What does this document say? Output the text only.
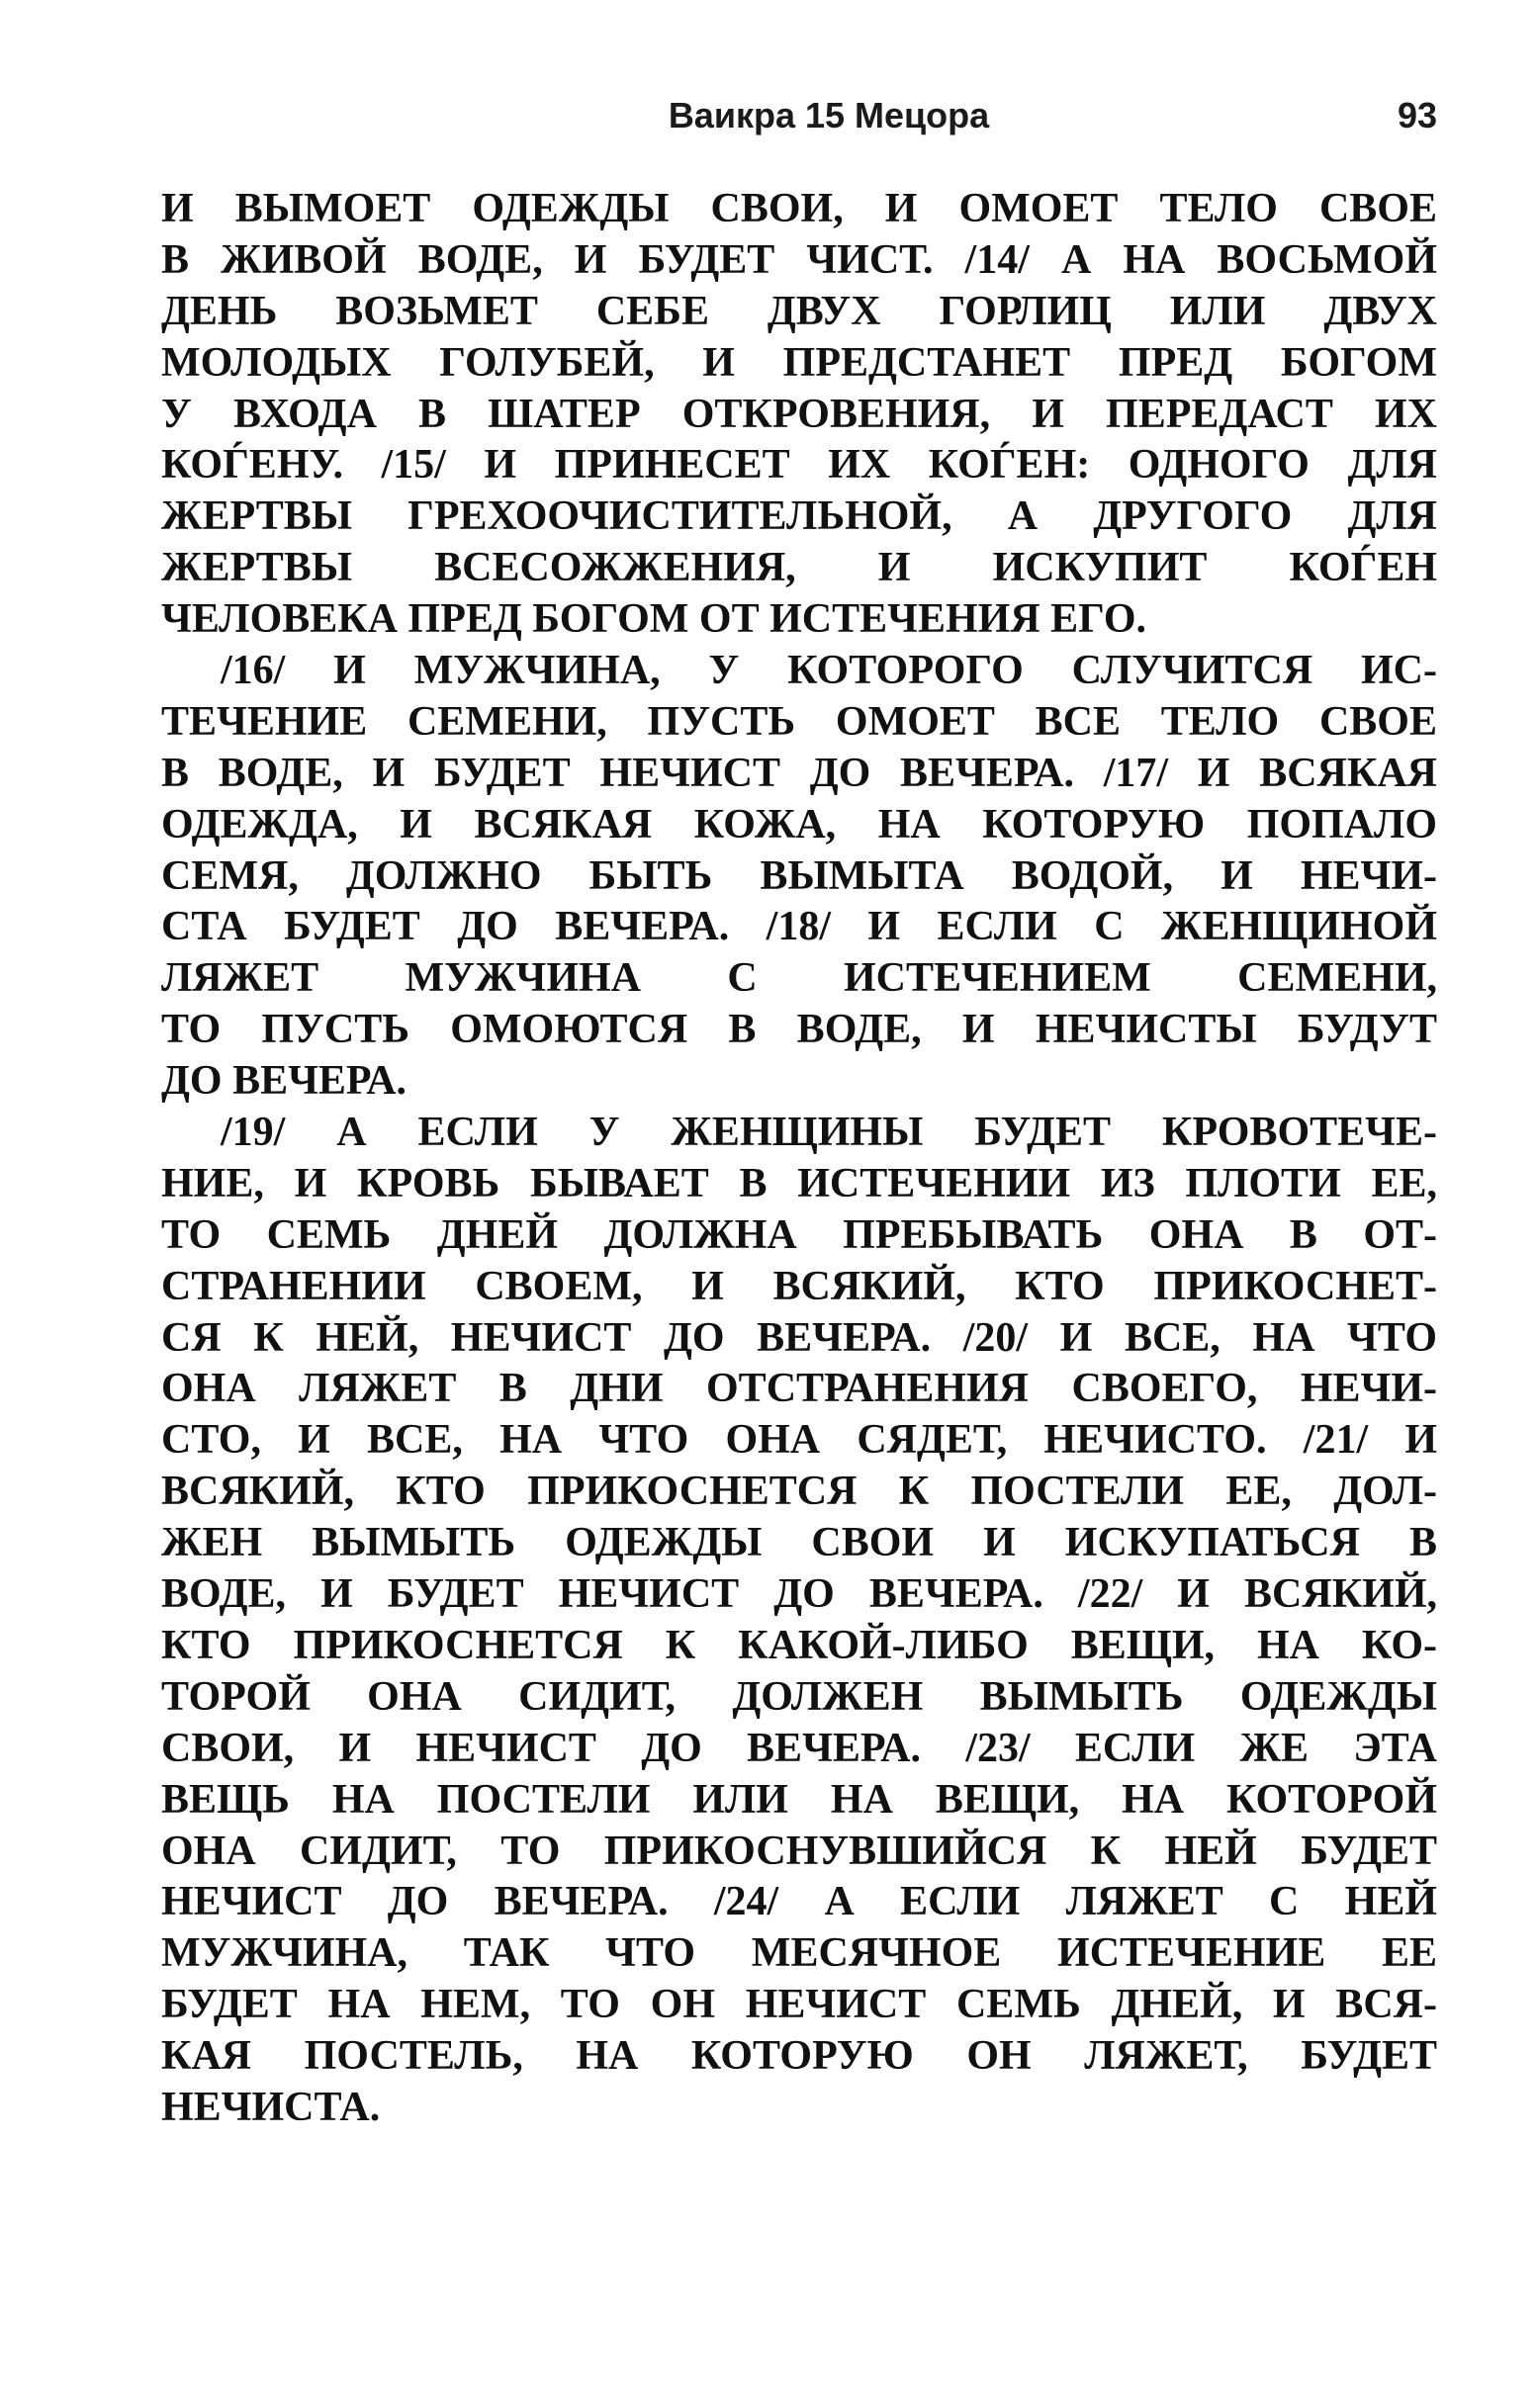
Ваикра 15 Мецора	93
И ВЫМОЕТ ОДЕЖДЫ СВОИ, И ОМОЕТ ТЕЛО СВОЕ
В ЖИВОЙ ВОДЕ, И БУДЕТ ЧИСТ. /14/ А НА ВОСЬМОЙ
ДЕНЬ ВОЗЬМЕТ СЕБЕ ДВУХ ГОРЛИЦ ИЛИ ДВУХ
МОЛОДЫХ ГОЛУБЕЙ, И ПРЕДСТАНЕТ ПРЕД БОГОМ
У ВХОДА В ШАТЕР ОТКРОВЕНИЯ, И ПЕРЕДАСТ ИХ
КОЃЕНУ. /15/ И ПРИНЕСЕТ ИХ КОЃЕН: ОДНОГО ДЛЯ
ЖЕРТВЫ ГРЕХООЧИСТИТЕЛЬНОЙ, А ДРУГОГО ДЛЯ
ЖЕРТВЫ ВСЕСОЖЖЕНИЯ, И ИСКУПИТ КОЃЕН
ЧЕЛОВЕКА ПРЕД БОГОМ ОТ ИСТЕЧЕНИЯ ЕГО.
/16/ И МУЖЧИНА, У КОТОРОГО СЛУЧИТСЯ ИС-
ТЕЧЕНИЕ СЕМЕНИ, ПУСТЬ ОМОЕТ ВСЕ ТЕЛО СВОЕ
В ВОДЕ, И БУДЕТ НЕЧИСТ ДО ВЕЧЕРА. /17/ И ВСЯКАЯ
ОДЕЖДА, И ВСЯКАЯ КОЖА, НА КОТОРУЮ ПОПАЛО
СЕМЯ, ДОЛЖНО БЫТЬ ВЫМЫТА ВОДОЙ, И НЕЧИ-
СТА БУДЕТ ДО ВЕЧЕРА. /18/ И ЕСЛИ С ЖЕНЩИНОЙ
ЛЯЖЕТ МУЖЧИНА С ИСТЕЧЕНИЕМ СЕМЕНИ,
ТО ПУСТЬ ОМОЮТСЯ В ВОДЕ, И НЕЧИСТЫ БУДУТ
ДО ВЕЧЕРА.
/19/ А ЕСЛИ У ЖЕНЩИНЫ БУДЕТ КРОВОТЕЧЕ-
НИЕ, И КРОВЬ БЫВАЕТ В ИСТЕЧЕНИИ ИЗ ПЛОТИ ЕЕ,
ТО СЕМЬ ДНЕЙ ДОЛЖНА ПРЕБЫВАТЬ ОНА В ОТ-
СТРАНЕНИИ СВОЕМ, И ВСЯКИЙ, КТО ПРИКОСНЕТ-
СЯ К НЕЙ, НЕЧИСТ ДО ВЕЧЕРА. /20/ И ВСЕ, НА ЧТО
ОНА ЛЯЖЕТ В ДНИ ОТСТРАНЕНИЯ СВОЕГО, НЕЧИ-
СТО, И ВСЕ, НА ЧТО ОНА СЯДЕТ, НЕЧИСТО. /21/ И
ВСЯКИЙ, КТО ПРИКОСНЕТСЯ К ПОСТЕЛИ ЕЕ, ДОЛ-
ЖЕН ВЫМЫТЬ ОДЕЖДЫ СВОИ И ИСКУПАТЬСЯ В
ВОДЕ, И БУДЕТ НЕЧИСТ ДО ВЕЧЕРА. /22/ И ВСЯКИЙ,
КТО ПРИКОСНЕТСЯ К КАКОЙ-ЛИБО ВЕЩИ, НА КО-
ТОРОЙ ОНА СИДИТ, ДОЛЖЕН ВЫМЫТЬ ОДЕЖДЫ
СВОИ, И НЕЧИСТ ДО ВЕЧЕРА. /23/ ЕСЛИ ЖЕ ЭТА
ВЕЩЬ НА ПОСТЕЛИ ИЛИ НА ВЕЩИ, НА КОТОРОЙ
ОНА СИДИТ, ТО ПРИКОСНУВШИЙСЯ К НЕЙ БУДЕТ
НЕЧИСТ ДО ВЕЧЕРА. /24/ А ЕСЛИ ЛЯЖЕТ С НЕЙ
МУЖЧИНА, ТАК ЧТО МЕСЯЧНОЕ ИСТЕЧЕНИЕ ЕЕ
БУДЕТ НА НЕМ, ТО ОН НЕЧИСТ СЕМЬ ДНЕЙ, И ВСЯ-
КАЯ ПОСТЕЛЬ, НА КОТОРУЮ ОН ЛЯЖЕТ, БУДЕТ
НЕЧИСТА.
